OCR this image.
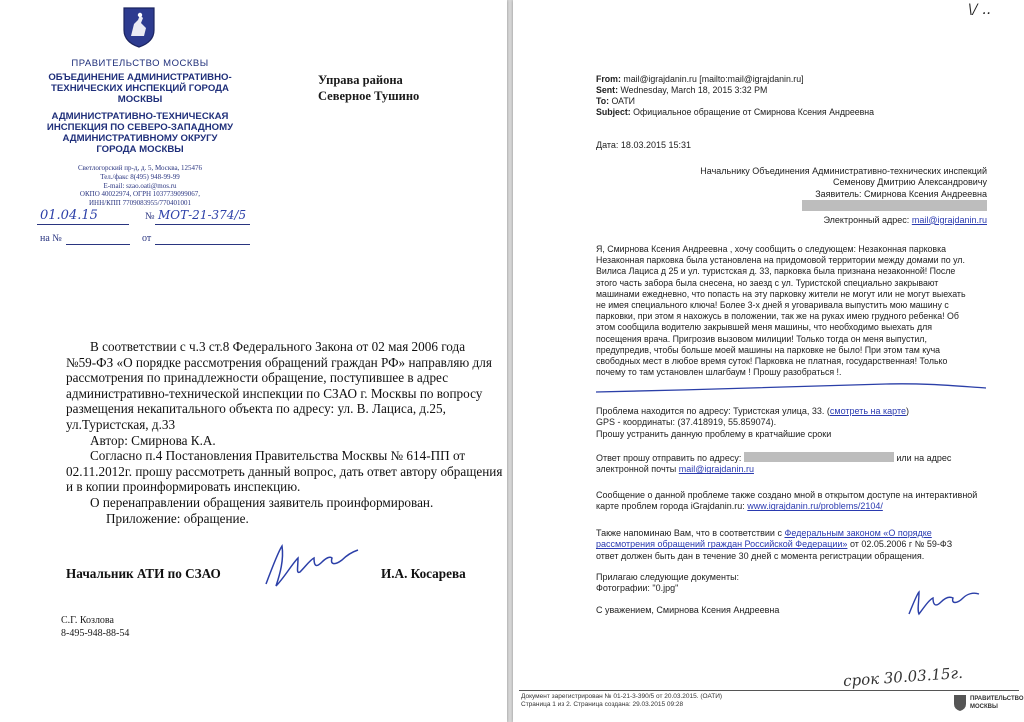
ПРАВИТЕЛЬСТВО МОСКВЫ
ОБЪЕДИНЕНИЕ АДМИНИСТРАТИВНО-
ТЕХНИЧЕСКИХ ИНСПЕКЦИЙ ГОРОДА
МОСКВЫ
АДМИНИСТРАТИВНО-ТЕХНИЧЕСКАЯ
ИНСПЕКЦИЯ ПО СЕВЕРО-ЗАПАДНОМУ
АДМИНИСТРАТИВНОМУ ОКРУГУ
ГОРОДА МОСКВЫ
Светлогорский пр-д, д. 5, Москва, 125476
Тел./факс 8(495) 948-99-99
E-mail: szao.oati@mos.ru
ОКПО 40022974, ОГРН 1037739099067,
ИНН/КПП 7709083955/770401001
01.04.15	№ МОТ-21-374/5
на №	от
Управа района
Северное Тушино
В соответствии с ч.3 ст.8 Федерального Закона от 02 мая 2006 года
№59-ФЗ «О порядке рассмотрения обращений граждан РФ» направляю для
рассмотрения по принадлежности обращение, поступившее в адрес
административно-технической инспекции по СЗАО г. Москвы по вопросу
размещения некапитального объекта по адресу: ул. В. Лациса, д.25,
ул.Туристская, д.33
Автор: Смирнова К.А.
Согласно п.4 Постановления Правительства Москвы № 614-ПП от
02.11.2012г. прошу рассмотреть данный вопрос, дать ответ автору обращения
и в копии проинформировать инспекцию.
О перенаправлении обращения заявитель проинформирован.
Приложение: обращение.
Начальник АТИ по СЗАО	И.А. Косарева
С.Г. Козлова
8-495-948-88-54
\/ ..
From: mail@igrajdanin.ru [mailto:mail@igrajdanin.ru]
Sent: Wednesday, March 18, 2015 3:32 PM
To: ОАТИ
Subject: Официальное обращение от Смирнова Ксения Андреевна
Дата: 18.03.2015 15:31
Начальнику Объединения Административно-технических инспекций
Семенову Дмитрию Александровичу
Заявитель: Смирнова Ксения Андреевна
Электронный адрес: mail@igrajdanin.ru
Я, Смирнова Ксения Андреевна , хочу сообщить о следующем: Незаконная парковка
Незаконная парковка была установлена на придомовой территории между домами по ул.
Вилиса Лациса д 25 и ул. туристская д. 33, парковка была признана незаконной! После
этого часть забора была снесена, но заезд с ул. Туристской специально закрывают
машинами ежедневно, что попасть на эту парковку жители не могут или не могут выехать
не имея специального ключа! Более 3-х дней я уговаривала выпустить мою машину с
парковки, при этом я нахожусь в положении, так же на руках имею грудного ребенка! Об
этом сообщила водителю закрывшей меня машины, что необходимо выехать для
посещения врача. Пригрозив вызовом милиции! Только тогда он меня выпустил,
предупредив, чтобы больше моей машины на парковке не было! При этом там куча
свободных мест в любое время суток! Парковка не платная, государственная! Только
почему то там установлен шлагбаум ! Прошу разобраться !.
Проблема находится по адресу: Туристская улица, 33. (смотреть на карте)
GPS - координаты: (37.418919, 55.859074).
Прошу устранить данную проблему в кратчайшие сроки
Ответ прошу отправить по адресу:	или на адрес
электронной почты mail@igrajdanin.ru
Сообщение о данной проблеме также создано мной в открытом доступе на интерактивной
карте проблем города iGrajdanin.ru: www.igrajdanin.ru/problems/2104/
Также напоминаю Вам, что в соответствии с Федеральным законом «О порядке
рассмотрения обращений граждан Российской Федерации» от 02.05.2006 г № 59-ФЗ
ответ должен быть дан в течение 30 дней с момента регистрации обращения.
Прилагаю следующие документы:
Фотографии: "0.jpg"
С уважением, Смирнова Ксения Андреевна
срок 30.03.15г.
Документ зарегистрирован № 01-21-3-390/5 от 20.03.2015. (ОАТИ)
Страница 1 из 2. Страница создана: 29.03.2015 09:28
ПРАВИТЕЛЬСТВО
МОСКВЫ
